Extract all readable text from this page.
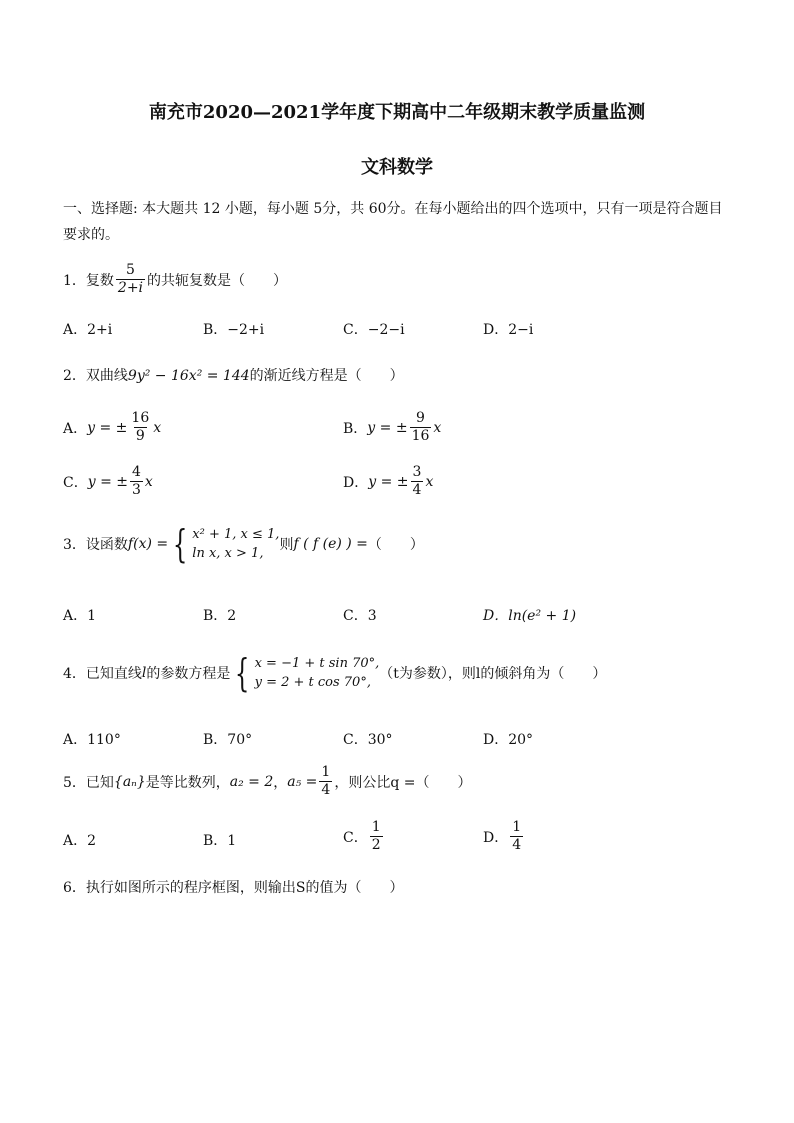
南充市2020—2021学年度下期高中二年级期末教学质量监测
文科数学
一、选择题: 本大题共 12 小题，每小题 5分，共 60分。在每小题给出的四个选项中，只有一项是符合题目要求的。
1．复数 $\frac{5}{2+i}$ 的共轭复数是（　　）
A．2+i	B．−2+i	C．−2−i	D．2−i
2．双曲线9y² − 16x² = 144的渐近线方程是（　　）
A．y = ± $\frac{16}{9}$ x	B．y = ± $\frac{9}{16}$ x
C．y = ± $\frac{4}{3}$ x	D．y = ± $\frac{3}{4}$ x
3．设函数f(x) = { x² + 1, x ≤ 1,
ln x, x > 1,
则f ( f (e) ) =（　　）
A．1	B．2	C．3	D．ln(e² + 1)
4．已知直线l的参数方程是 { x = −1 + t sin 70°,
y = 2 + t cos 70°,
（t为参数），则l的倾斜角为（　　）
A．110°	B．70°	C．30°	D．20°
5．已知{aₙ}是等比数列，a₂ = 2，$a_5 = \frac{1}{4}$ ，则公比q =（　　）
A．2	B．1	C． $\frac{1}{2}$	D． $\frac{1}{4}$
6．执行如图所示的程序框图，则输出S的值为（　　）
